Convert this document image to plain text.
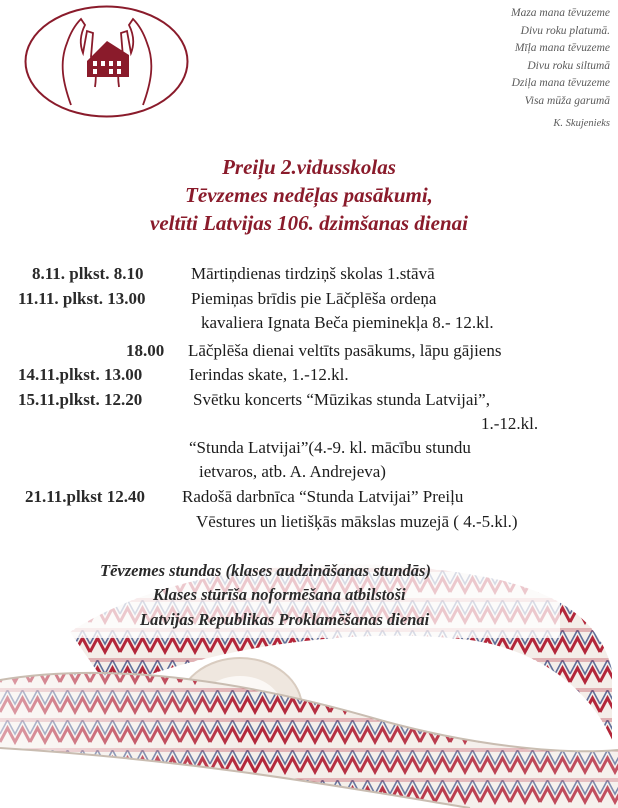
Maza mana tēvuzeme
Divu roku platumā.
Mīļa mana tēvuzeme
Divu roku siltumā
Dziļa mana tēvuzeme
Visa mūža garumā
K. Skujenieks
Preiļu 2.vidusskolas
Tēvzemes nedēļas pasākumi,
veltīti Latvijas 106. dzimšanas dienai
8.11. plkst. 8.10	Mārtiņdienas tirdziņš skolas 1.stāvā
11.11. plkst. 13.00	Piemiņas brīdis pie Lāčplēša ordeņa
kavaliera Ignata Beča pieminekļa 8.- 12.kl.
18.00 Lāčplēša dienai veltīts pasākums, lāpu gājiens
14.11.plkst. 13.00	Ierindas skate, 1.-12.kl.
15.11.plkst. 12.20	Svētku koncerts “Mūzikas stunda Latvijai”,
1.-12.kl.
“Stunda Latvijai”(4.-9. kl. mācību stundu
ietvaros, atb. A. Andrejeva)
21.11.plkst 12.40 Radošā darbnīca “Stunda Latvijai” Preiļu
Vēstures un lietišķās mākslas muzejā ( 4.-5.kl.)
Tēvzemes stundas (klases audzināšanas stundās)
Klases stūrīša noformēšana atbilstoši
Latvijas Republikas Proklamēšanas dienai
